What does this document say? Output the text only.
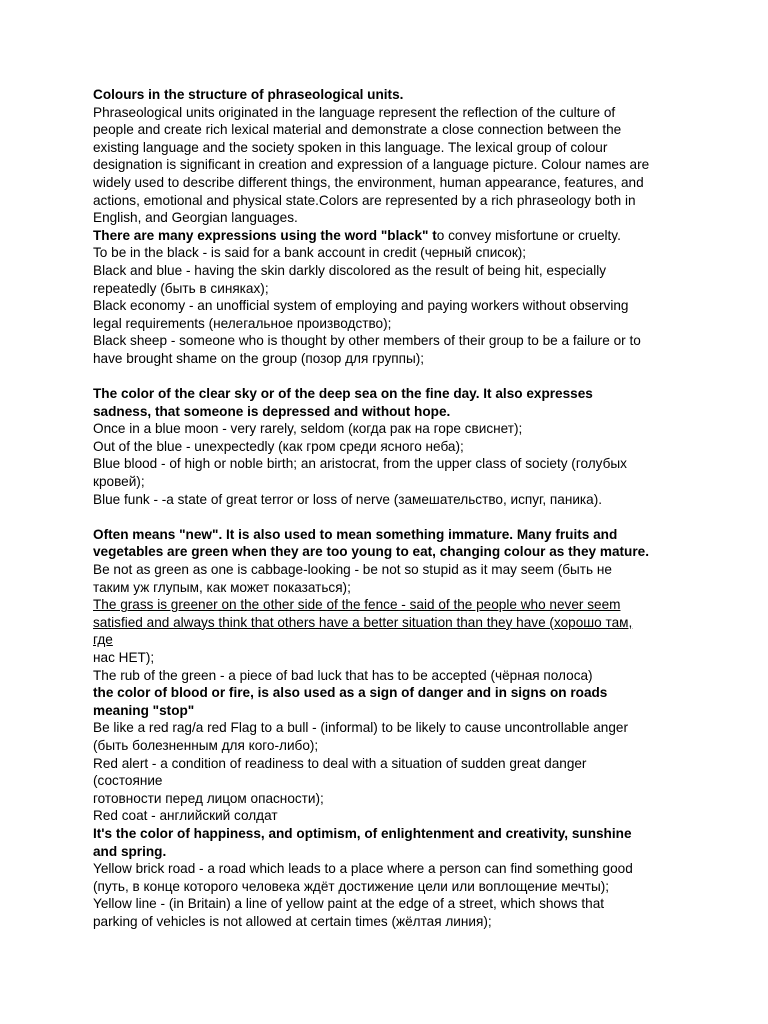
Colours in the structure of phraseological units.

Phraseological units originated in the language represent the reflection of the culture of

people and create rich lexical material and demonstrate a close connection between the

existing language and the society spoken in this language. The lexical group of colour

designation is significant in creation and expression of a language picture. Colour names are

widely used to describe different things, the environment, human appearance, features, and

actions, emotional and physical state.Colors are represented by a rich phraseology both in

English, and Georgian languages.

There are many expressions using the word "black" to convey misfortune or cruelty.

To be in the black - is said for a bank account in credit (черный список);

Black and blue - having the skin darkly discolored as the result of being hit, especially

repeatedly (быть в синяках);

Black economy - an unofficial system of employing and paying workers without observing

legal requirements (нелегальное производство);

Black sheep - someone who is thought by other members of their group to be a failure or to

have brought shame on the group (позор для группы);

The color of the clear sky or of the deep sea on the fine day. It also expresses

sadness, that someone is depressed and without hope.

Once in a blue moon - very rarely, seldom (когда рак на горе свиснет);

Out of the blue - unexpectedly (как гром среди ясного неба);

Blue blood - of high or noble birth; an aristocrat, from the upper class of society (голубых

кровей);

Blue funk - -a state of great terror or loss of nerve (замешательство, испуг, паника).

Often means "new". It is also used to mean something immature. Many fruits and

vegetables are green when they are too young to eat, changing colour as they mature.

Be not as green as one is cabbage-looking - be not so stupid as it may seem (быть не

таким уж глупым, как может показаться);

The grass is greener on the other side of the fence - said of the people who never seem

satisfied and always think that others have a better situation than they have (хорошо там,

где

нас НЕТ);

The rub of the green - a piece of bad luck that has to be accepted (чёрная полоса)

the color of blood or fire, is also used as a sign of danger and in signs on roads

meaning "stop"

Be like a red rag/a red Flag to a bull - (informal) to be likely to cause uncontrollable anger

(быть болезненным для кого-либо);

Red alert - a condition of readiness to deal with a situation of sudden great danger

(состояние

готовности перед лицом опасности);

Red coat - английский солдат

It's the color of happiness, and optimism, of enlightenment and creativity, sunshine

and spring.

Yellow brick road - a road which leads to a place where a person can find something good

(путь, в конце которого человека ждёт достижение цели или воплощение мечты);

Yellow line - (in Britain) a line of yellow paint at the edge of a street, which shows that

parking of vehicles is not allowed at certain times (жёлтая линия);
